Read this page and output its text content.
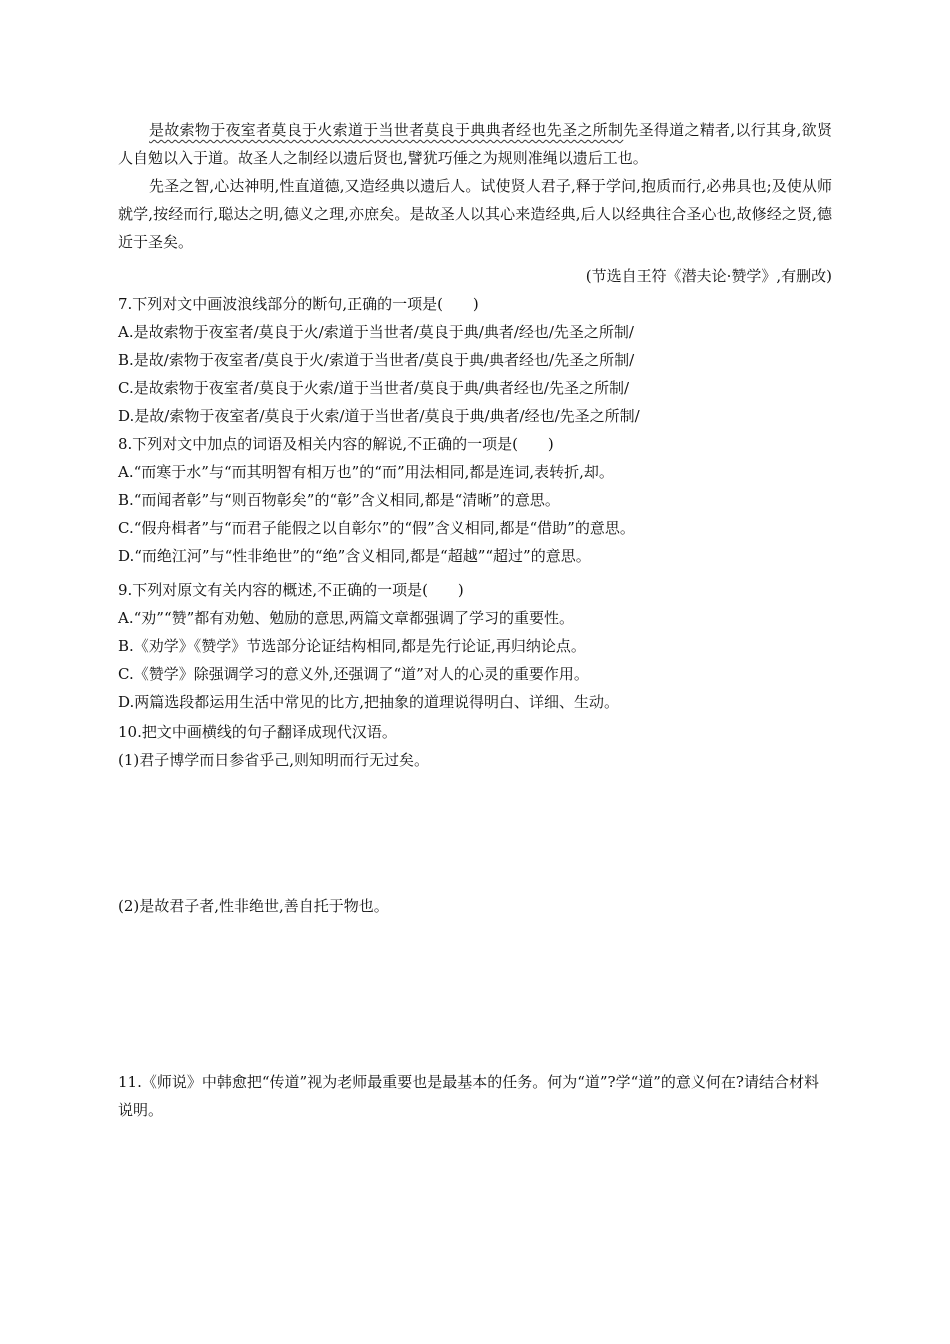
是故索物于夜室者莫良于火索道于当世者莫良于典典者经也先圣之所制先圣得道之精者,以行其身,欲贤人自勉以入于道。故圣人之制经以遗后贤也,譬犹巧倕之为规则准绳以遗后工也。

先圣之智,心达神明,性直道德,又造经典以遗后人。试使贤人君子,释于学问,抱质而行,必弗具也;及使从师就学,按经而行,聪达之明,德义之理,亦庶矣。是故圣人以其心来造经典,后人以经典往合圣心也,故修经之贤,德近于圣矣。

(节选自王符《潜夫论·赞学》,有删改)

7.下列对文中画波浪线部分的断句,正确的一项是(　　)

A.是故索物于夜室者/莫良于火/索道于当世者/莫良于典/典者/经也/先圣之所制/

B.是故/索物于夜室者/莫良于火/索道于当世者/莫良于典/典者经也/先圣之所制/

C.是故索物于夜室者/莫良于火索/道于当世者/莫良于典/典者经也/先圣之所制/

D.是故/索物于夜室者/莫良于火索/道于当世者/莫良于典/典者/经也/先圣之所制/

8.下列对文中加点的词语及相关内容的解说,不正确的一项是(　　)

A.“而寒于水”与“而其明智有相万也”的“而”用法相同,都是连词,表转折,却。

B.“而闻者彰”与“则百物彰矣”的“彰”含义相同,都是“清晰”的意思。

C.“假舟楫者”与“而君子能假之以自彰尔”的“假”含义相同,都是“借助”的意思。

D.“而绝江河”与“性非绝世”的“绝”含义相同,都是“超越”“超过”的意思。

9.下列对原文有关内容的概述,不正确的一项是(　　)

A.“劝”“赞”都有劝勉、勉励的意思,两篇文章都强调了学习的重要性。

B.《劝学》《赞学》节选部分论证结构相同,都是先行论证,再归纳论点。

C.《赞学》除强调学习的意义外,还强调了“道”对人的心灵的重要作用。

D.两篇选段都运用生活中常见的比方,把抽象的道理说得明白、详细、生动。

10.把文中画横线的句子翻译成现代汉语。

(1)君子博学而日参省乎己,则知明而行无过矣。

(2)是故君子者,性非绝世,善自托于物也。

11.《师说》中韩愈把“传道”视为老师最重要也是最基本的任务。何为“道”?学“道”的意义何在?请结合材料说明。
